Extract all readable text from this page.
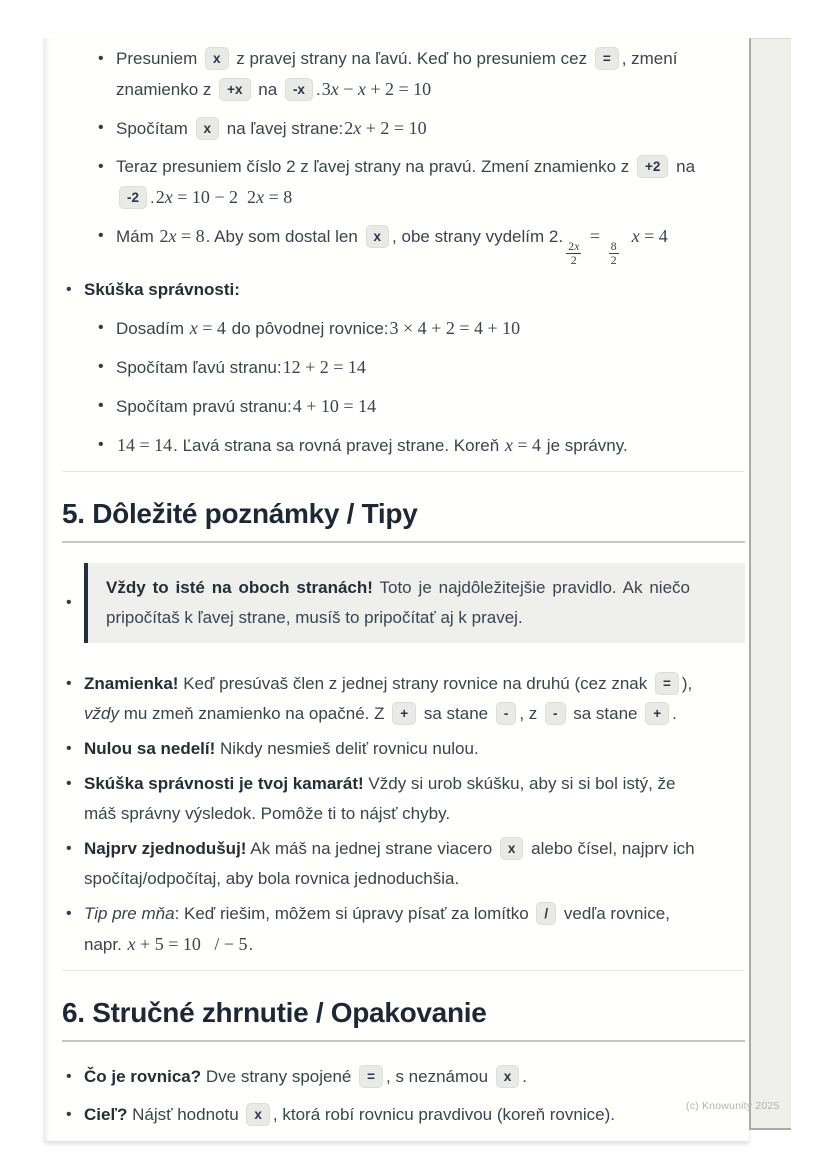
• Presuniem x z pravej strany na ľavú. Keď ho presuniem cez = , zmení znamienko z +x na -x .3x − x + 2 = 10
• Spočítam x na ľavej strane:2x + 2 = 10
• Teraz presuniem číslo 2 z ľavej strany na pravú. Zmení znamienko z +2 na -2 .2x = 10 − 2  2x = 8
• Mám 2x = 8. Aby som dostal len x , obe strany vydelím 2.
$\frac{2x}{2}$
=
$\frac{8}{2}$
x = 4
• Skúška správnosti:
• Dosadím x = 4 do pôvodnej rovnice:3 × 4 + 2 = 4 + 10
• Spočítam ľavú stranu:12 + 2 = 14
• Spočítam pravú stranu:4 + 10 = 14
• 14 = 14. Ľavá strana sa rovná pravej strane. Koreň x = 4 je správny.
5. Dôležité poznámky / Tipy
•
Vždy to isté na oboch stranách! Toto je najdôležitejšie pravidlo. Ak niečo pripočítaš k ľavej strane, musíš to pripočítať aj k pravej.
• Znamienka! Keď presúvaš člen z jednej strany rovnice na druhú (cez znak = ), vždy mu zmeň znamienko na opačné. Z + sa stane - , z - sa stane + .
• Nulou sa nedelí! Nikdy nesmieš deliť rovnicu nulou.
• Skúška správnosti je tvoj kamarát! Vždy si urob skúšku, aby si si bol istý, že máš správny výsledok. Pomôže ti to nájsť chyby.
• Najprv zjednodušuj! Ak máš na jednej strane viacero x alebo čísel, najprv ich spočítaj/odpočítaj, aby bola rovnica jednoduchšia.
• Tip pre mňa: Keď riešim, môžem si úpravy písať za lomítko / vedľa rovnice, napr. x + 5 = 10   / − 5.
6. Stručné zhrnutie / Opakovanie
• Čo je rovnica? Dve strany spojené = , s neznámou x .
• Cieľ? Nájsť hodnotu x , ktorá robí rovnicu pravdivou (koreň rovnice).	(c) Knowunity 2025
